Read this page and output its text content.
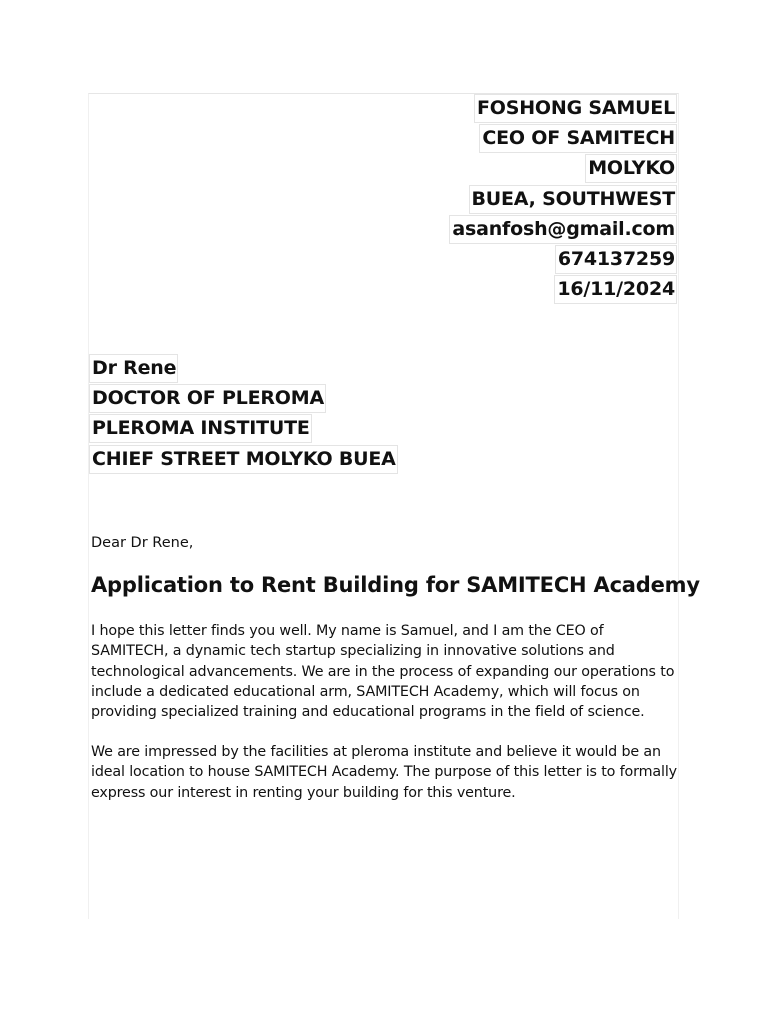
FOSHONG SAMUEL
CEO OF SAMITECH
MOLYKO
BUEA, SOUTHWEST
asanfosh@gmail.com
674137259
16/11/2024
Dr Rene
DOCTOR OF PLEROMA
PLEROMA INSTITUTE
CHIEF STREET MOLYKO BUEA
Dear Dr Rene,
Application to Rent Building for SAMITECH Academy

I hope this letter finds you well. My name is Samuel, and I am the CEO of SAMITECH, a dynamic tech startup specializing in innovative solutions and technological advancements. We are in the process of expanding our operations to include a dedicated educational arm, SAMITECH Academy, which will focus on providing specialized training and educational programs in the field of science.

We are impressed by the facilities at pleroma institute and believe it would be an ideal location to house SAMITECH Academy. The purpose of this letter is to formally express our interest in renting your building for this venture.
